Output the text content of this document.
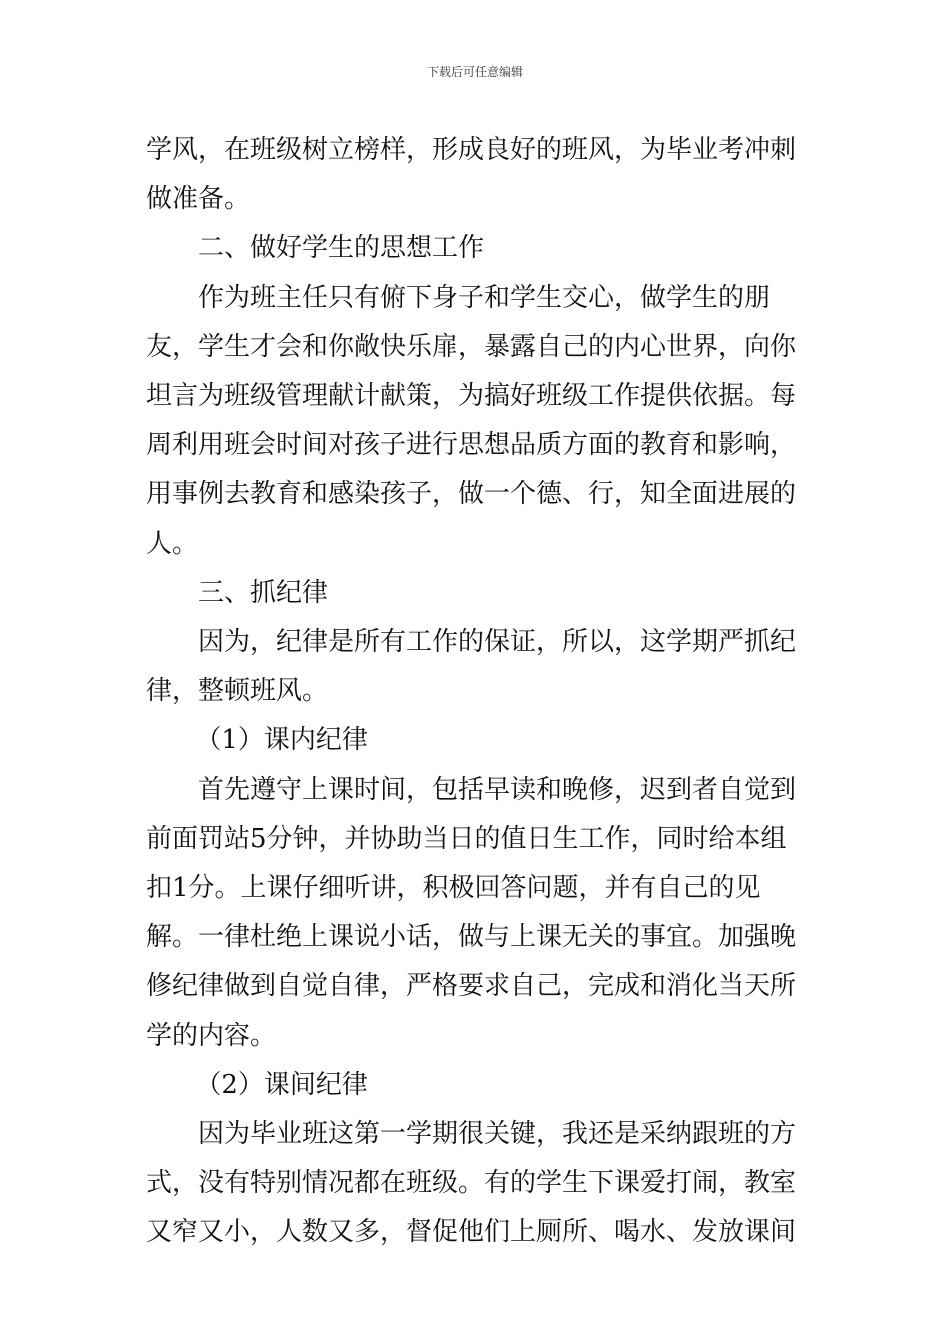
下载后可任意编辑

学风，在班级树立榜样，形成良好的班风，为毕业考冲刺做准备。

二、做好学生的思想工作

作为班主任只有俯下身子和学生交心，做学生的朋友，学生才会和你敞快乐扉，暴露自己的内心世界，向你坦言为班级管理献计献策，为搞好班级工作提供依据。每周利用班会时间对孩子进行思想品质方面的教育和影响，用事例去教育和感染孩子，做一个德、行，知全面进展的人。

三、抓纪律

因为，纪律是所有工作的保证，所以，这学期严抓纪律，整顿班风。

（1）课内纪律

首先遵守上课时间，包括早读和晚修，迟到者自觉到前面罚站5分钟，并协助当日的值日生工作，同时给本组扣1分。上课仔细听讲，积极回答问题，并有自己的见解。一律杜绝上课说小话，做与上课无关的事宜。加强晚修纪律做到自觉自律，严格要求自己，完成和消化当天所学的内容。

（2）课间纪律

因为毕业班这第一学期很关键，我还是采纳跟班的方式，没有特别情况都在班级。有的学生下课爱打闹，教室又窄又小，人数又多，督促他们上厕所、喝水、发放课间
